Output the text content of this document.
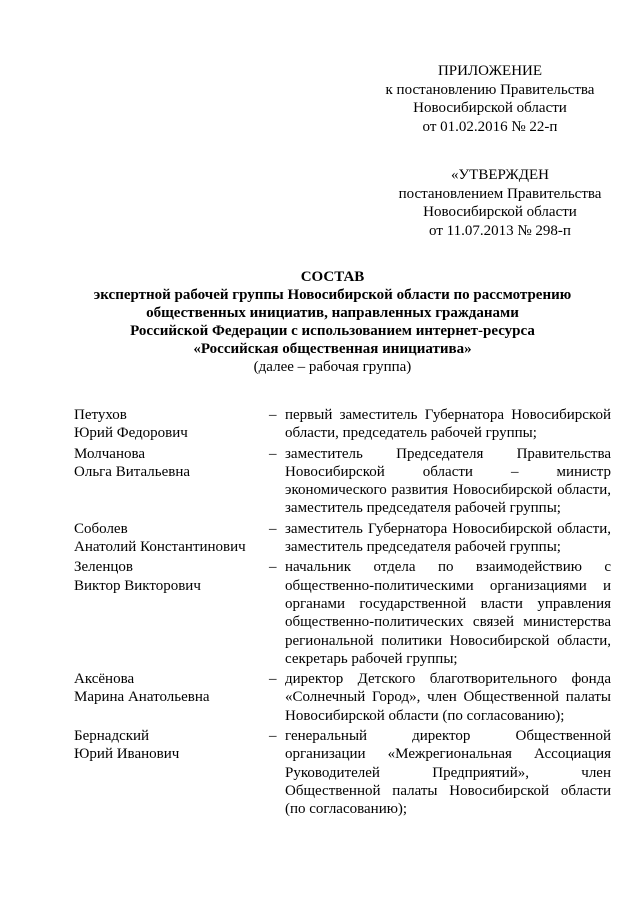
ПРИЛОЖЕНИЕ
к постановлению Правительства
Новосибирской области
от 01.02.2016 № 22-п
«УТВЕРЖДЕН
постановлением Правительства
Новосибирской области
от 11.07.2013 № 298-п
СОСТАВ
экспертной рабочей группы Новосибирской области по рассмотрению
общественных инициатив, направленных гражданами
Российской Федерации с использованием интернет-ресурса
«Российская общественная инициатива»
(далее – рабочая группа)
Петухов
Юрий Федорович
– первый заместитель Губернатора Новосибирской области, председатель рабочей группы;
Молчанова
Ольга Витальевна
– заместитель Председателя Правительства Новосибирской области – министр экономического развития Новосибирской области, заместитель председателя рабочей группы;
Соболев
Анатолий Константинович
– заместитель Губернатора Новосибирской области, заместитель председателя рабочей группы;
Зеленцов
Виктор Викторович
– начальник отдела по взаимодействию с общественно-политическими организациями и органами государственной власти управления общественно-политических связей министерства региональной политики Новосибирской области, секретарь рабочей группы;
Аксёнова
Марина Анатольевна
– директор Детского благотворительного фонда «Солнечный Город», член Общественной палаты Новосибирской области (по согласованию);
Бернадский
Юрий Иванович
– генеральный директор Общественной организации «Межрегиональная Ассоциация Руководителей Предприятий», член Общественной палаты Новосибирской области (по согласованию);
